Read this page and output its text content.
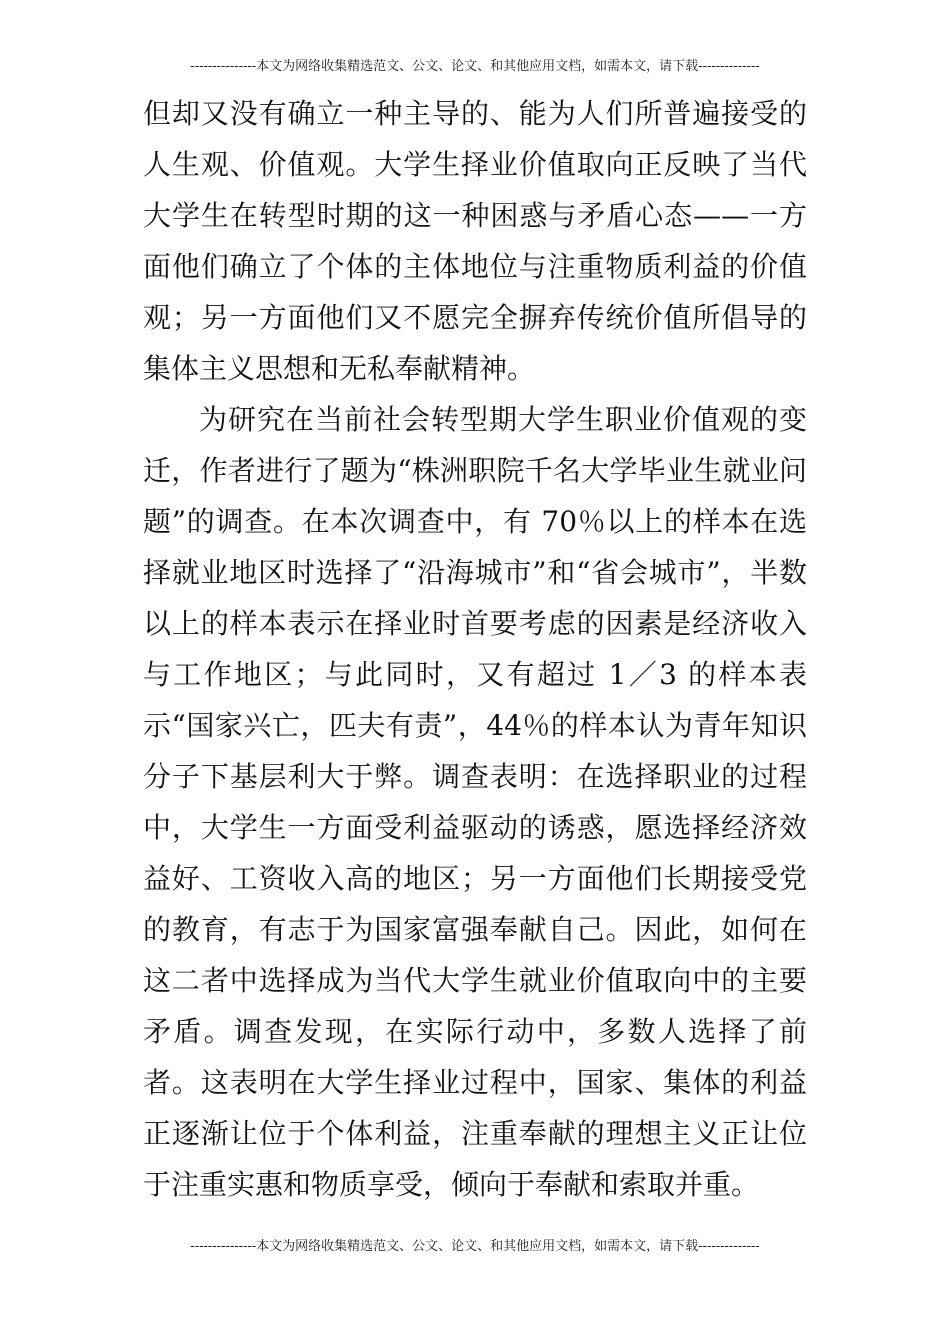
---------------本文为网络收集精选范文、公文、论文、和其他应用文档，如需本文，请下载--------------

但却又没有确立一种主导的、能为人们所普遍接受的人生观、价值观。大学生择业价值取向正反映了当代大学生在转型时期的这一种困惑与矛盾心态——一方面他们确立了个体的主体地位与注重物质利益的价值观；另一方面他们又不愿完全摒弃传统价值所倡导的集体主义思想和无私奉献精神。

为研究在当前社会转型期大学生职业价值观的变迁，作者进行了题为“株洲职院千名大学毕业生就业问题”的调查。在本次调查中，有 70％以上的样本在选择就业地区时选择了“沿海城市”和“省会城市”，半数以上的样本表示在择业时首要考虑的因素是经济收入与工作地区；与此同时，又有超过 1／3 的样本表示“国家兴亡，匹夫有责”，44％的样本认为青年知识分子下基层利大于弊。调查表明：在选择职业的过程中，大学生一方面受利益驱动的诱惑，愿选择经济效益好、工资收入高的地区；另一方面他们长期接受党的教育，有志于为国家富强奉献自己。因此，如何在这二者中选择成为当代大学生就业价值取向中的主要矛盾。调查发现，在实际行动中，多数人选择了前者。这表明在大学生择业过程中，国家、集体的利益正逐渐让位于个体利益，注重奉献的理想主义正让位于注重实惠和物质享受，倾向于奉献和索取并重。

---------------本文为网络收集精选范文、公文、论文、和其他应用文档，如需本文，请下载--------------
